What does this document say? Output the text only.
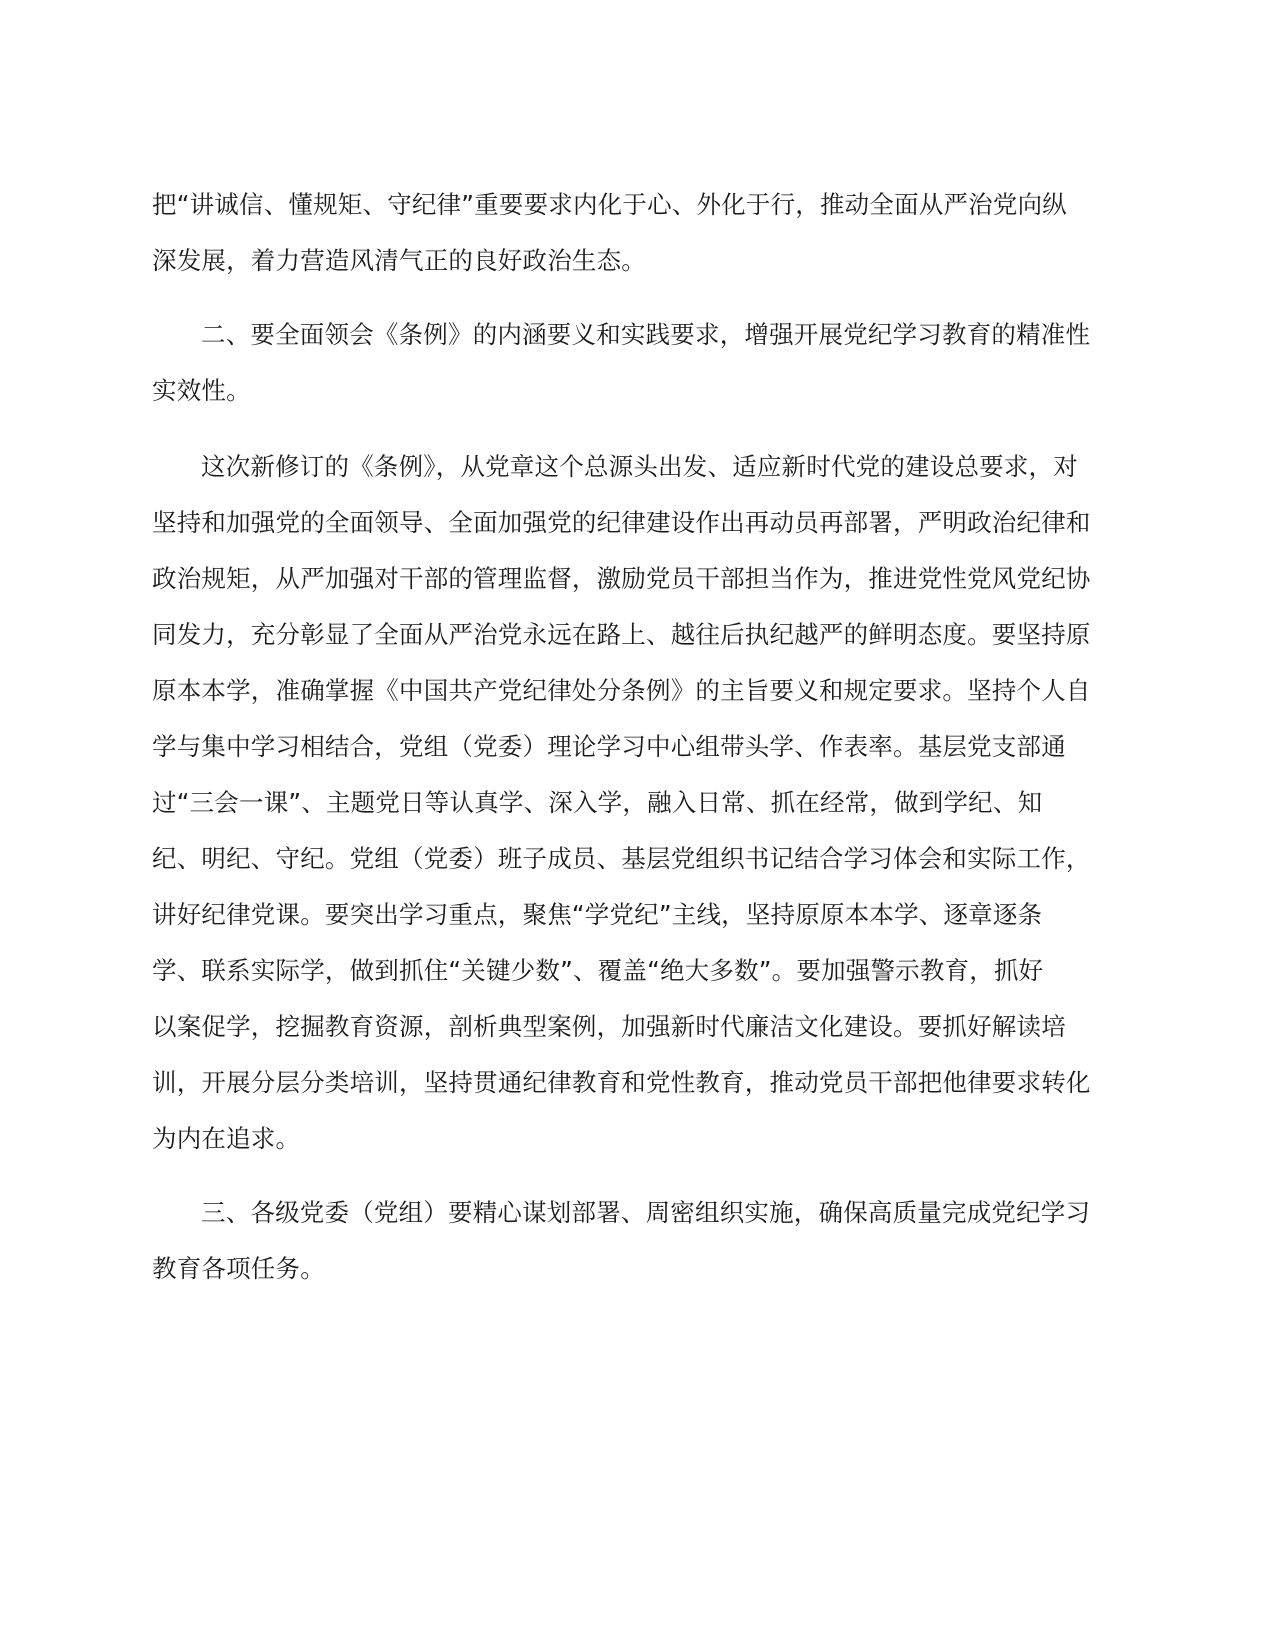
把“讲诚信、懂规矩、守纪律”重要要求内化于心、外化于行，推动全面从严治党向纵
深发展，着力营造风清气正的良好政治生态。
二、要全面领会《条例》的内涵要义和实践要求，增强开展党纪学习教育的精准性
实效性。
这次新修订的《条例》，从党章这个总源头出发、适应新时代党的建设总要求，对
坚持和加强党的全面领导、全面加强党的纪律建设作出再动员再部署，严明政治纪律和
政治规矩，从严加强对干部的管理监督，激励党员干部担当作为，推进党性党风党纪协
同发力，充分彰显了全面从严治党永远在路上、越往后执纪越严的鲜明态度。要坚持原
原本本学，准确掌握《中国共产党纪律处分条例》的主旨要义和规定要求。坚持个人自
学与集中学习相结合，党组（党委）理论学习中心组带头学、作表率。基层党支部通
过“三会一课”、主题党日等认真学、深入学，融入日常、抓在经常，做到学纪、知
纪、明纪、守纪。党组（党委）班子成员、基层党组织书记结合学习体会和实际工作，
讲好纪律党课。要突出学习重点，聚焦“学党纪”主线，坚持原原本本学、逐章逐条
学、联系实际学，做到抓住“关键少数”、覆盖“绝大多数”。要加强警示教育，抓好
以案促学，挖掘教育资源，剖析典型案例，加强新时代廉洁文化建设。要抓好解读培
训，开展分层分类培训，坚持贯通纪律教育和党性教育，推动党员干部把他律要求转化
为内在追求。
三、各级党委（党组）要精心谋划部署、周密组织实施，确保高质量完成党纪学习
教育各项任务。
